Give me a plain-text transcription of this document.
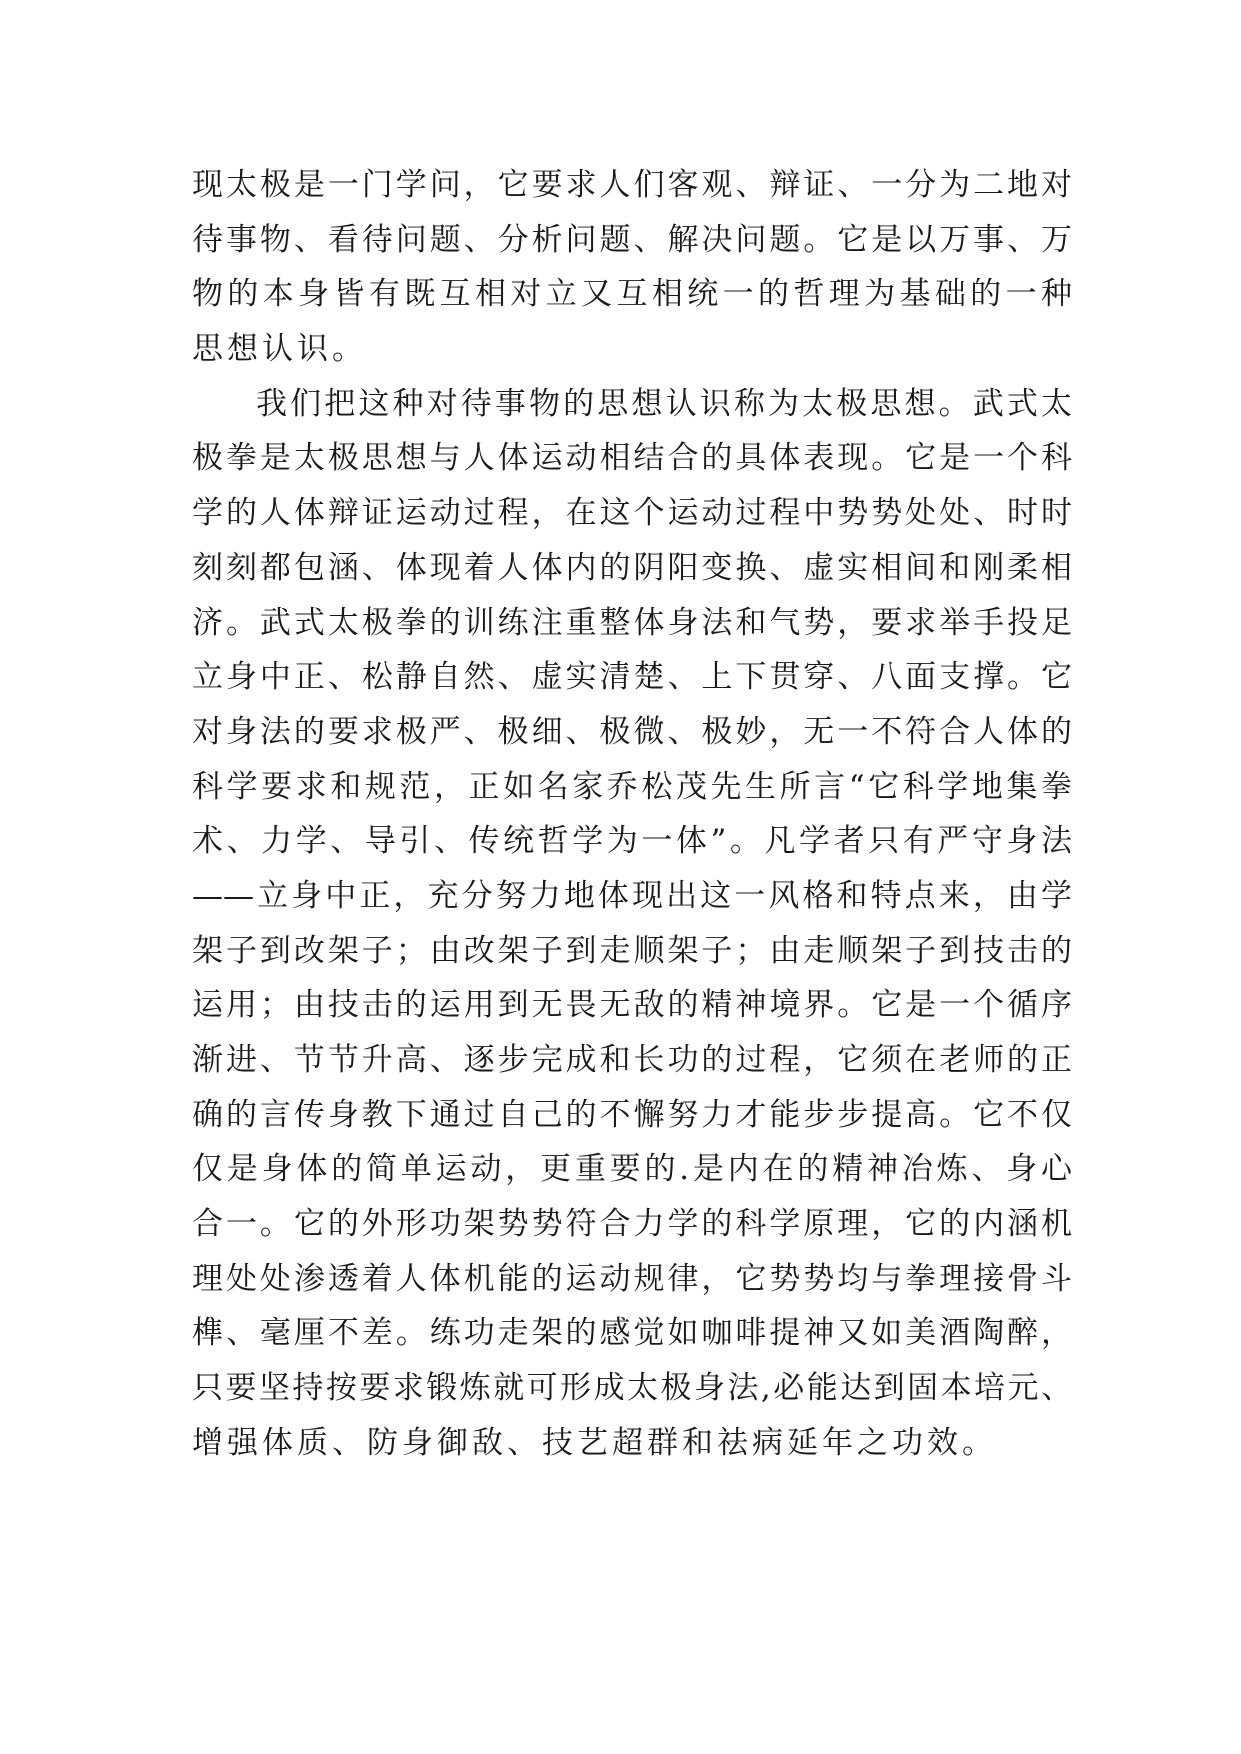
现太极是一门学问，它要求人们客观、辩证、一分为二地对
待事物、看待问题、分析问题、解决问题。它是以万事、万
物的本身皆有既互相对立又互相统一的哲理为基础的一种
思想认识。
我们把这种对待事物的思想认识称为太极思想。武式太
极拳是太极思想与人体运动相结合的具体表现。它是一个科
学的人体辩证运动过程，在这个运动过程中势势处处、时时
刻刻都包涵、体现着人体内的阴阳变换、虚实相间和刚柔相
济。武式太极拳的训练注重整体身法和气势，要求举手投足
立身中正、松静自然、虚实清楚、上下贯穿、八面支撑。它
对身法的要求极严、极细、极微、极妙，无一不符合人体的
科学要求和规范，正如名家乔松茂先生所言“它科学地集拳
术、力学、导引、传统哲学为一体”。凡学者只有严守身法
——立身中正，充分努力地体现出这一风格和特点来，由学
架子到改架子；由改架子到走顺架子；由走顺架子到技击的
运用；由技击的运用到无畏无敌的精神境界。它是一个循序
渐进、节节升高、逐步完成和长功的过程，它须在老师的正
确的言传身教下通过自己的不懈努力才能步步提高。它不仅
仅是身体的简单运动，更重要的.是内在的精神冶炼、身心
合一。它的外形功架势势符合力学的科学原理，它的内涵机
理处处渗透着人体机能的运动规律，它势势均与拳理接骨斗
榫、毫厘不差。练功走架的感觉如咖啡提神又如美酒陶醉，
只要坚持按要求锻炼就可形成太极身法,必能达到固本培元、
增强体质、防身御敌、技艺超群和祛病延年之功效。
